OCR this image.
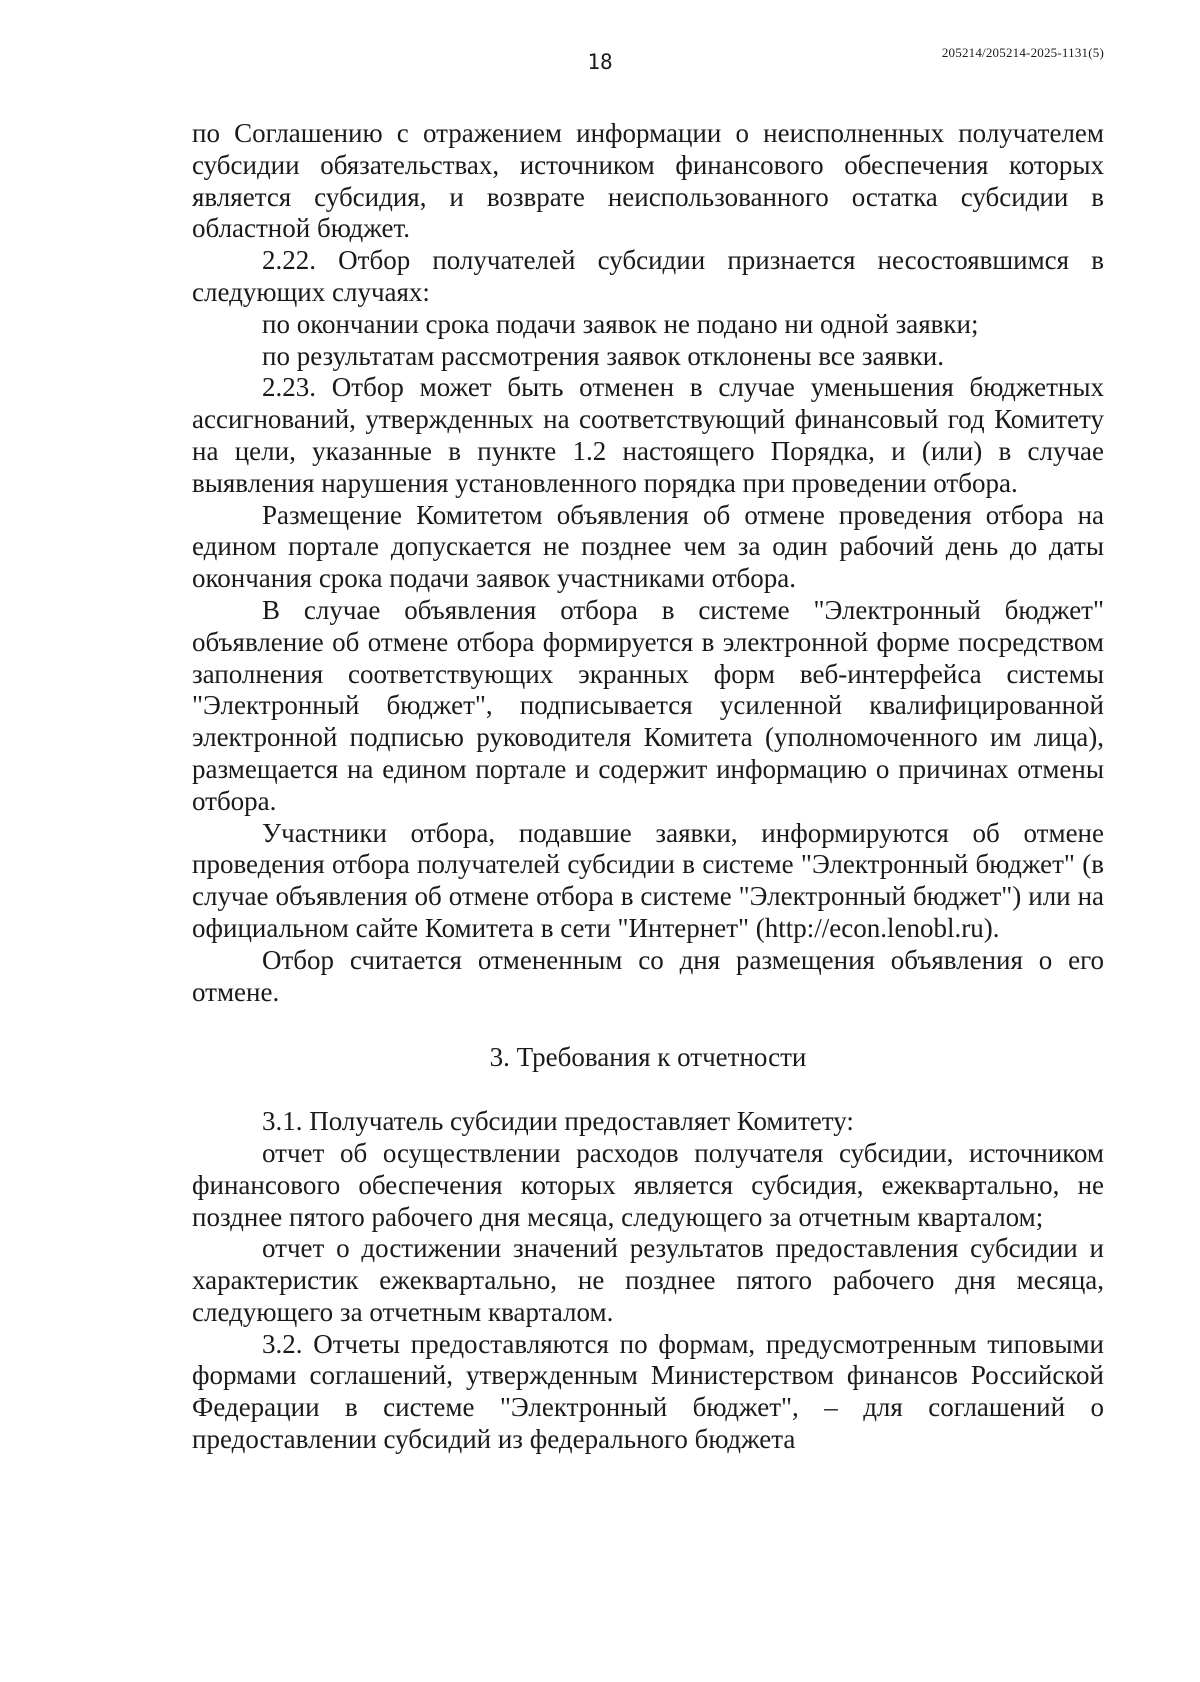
18	205214/205214-2025-1131(5)

по Соглашению с отражением информации о неисполненных получателем субсидии обязательствах, источником финансового обеспечения которых является субсидия, и возврате неиспользованного остатка субсидии в областной бюджет.

2.22. Отбор получателей субсидии признается несостоявшимся в следующих случаях:

по окончании срока подачи заявок не подано ни одной заявки;

по результатам рассмотрения заявок отклонены все заявки.

2.23. Отбор может быть отменен в случае уменьшения бюджетных ассигнований, утвержденных на соответствующий финансовый год Комитету на цели, указанные в пункте 1.2 настоящего Порядка, и (или) в случае выявления нарушения установленного порядка при проведении отбора.

Размещение Комитетом объявления об отмене проведения отбора на едином портале допускается не позднее чем за один рабочий день до даты окончания срока подачи заявок участниками отбора.

В случае объявления отбора в системе "Электронный бюджет" объявление об отмене отбора формируется в электронной форме посредством заполнения соответствующих экранных форм веб-интерфейса системы "Электронный бюджет", подписывается усиленной квалифицированной электронной подписью руководителя Комитета (уполномоченного им лица), размещается на едином портале и содержит информацию о причинах отмены отбора.

Участники отбора, подавшие заявки, информируются об отмене проведения отбора получателей субсидии в системе "Электронный бюджет" (в случае объявления об отмене отбора в системе "Электронный бюджет") или на официальном сайте Комитета в сети "Интернет" (http://econ.lenobl.ru).

Отбор считается отмененным со дня размещения объявления о его отмене.

3. Требования к отчетности

3.1. Получатель субсидии предоставляет Комитету:

отчет об осуществлении расходов получателя субсидии, источником финансового обеспечения которых является субсидия, ежеквартально, не позднее пятого рабочего дня месяца, следующего за отчетным кварталом;

отчет о достижении значений результатов предоставления субсидии и характеристик ежеквартально, не позднее пятого рабочего дня месяца, следующего за отчетным кварталом.

3.2. Отчеты предоставляются по формам, предусмотренным типовыми формами соглашений, утвержденным Министерством финансов Российской Федерации в системе "Электронный бюджет", – для соглашений о предоставлении субсидий из федерального бюджета
